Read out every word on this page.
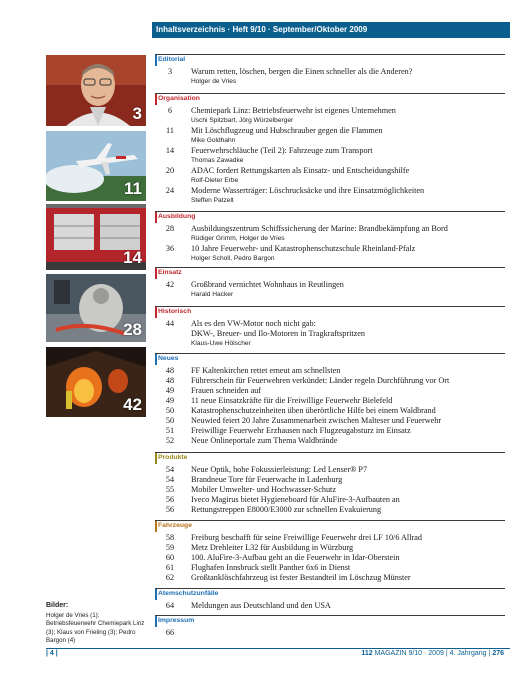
Inhaltsverzeichnis · Heft 9/10 · September/Oktober 2009
3
11
14
28
42
Editorial
3	Warum retten, löschen, bergen die Einen schneller als die Anderen?
Holger de Vries
Organisation
6	Chemiepark Linz: Betriebsfeuerwehr ist eigenes Unternehmen
Uschi Spitzbart, Jörg Würzelberger
11	Mit Löschflugzeug und Hubschrauber gegen die Flammen
Mike Goldhahn
14	Feuerwehrschläuche (Teil 2): Fahrzeuge zum Transport
Thomas Zawadke
20	ADAC fordert Rettungskarten als Einsatz- und Entscheidungshilfe
Rolf-Dieter Erbe
24	Moderne Wasserträger: Löschrucksäcke und ihre Einsatzmöglichkeiten
Steffen Patzelt
Ausbildung
28	Ausbildungszentrum Schiffssicherung der Marine: Brandbekämpfung an Bord
Rüdiger Grimm, Holger de Vries
36	10 Jahre Feuerwehr- und Katastrophenschutzschule Rheinland-Pfalz
Holger Scholl, Pedro Bargon
Einsatz
42	Großbrand vernichtet Wohnhaus in Reutlingen
Harald Hacker
Historisch
44	Als es den VW-Motor noch nicht gab:
DKW-, Breuer- und Ilo-Motoren in Tragkraftspritzen
Klaus-Uwe Hölscher
Neues
48	FF Kaltenkirchen rettet erneut am schnellsten
48	Führerschein für Feuerwehren verkündet: Länder regeln Durchführung vor Ort
49	Frauen schneiden auf
49	11 neue Einsatzkräfte für die Freiwillige Feuerwehr Bielefeld
50	Katastrophenschutzeinheiten üben überörtliche Hilfe bei einem Waldbrand
50	Neuwied feiert 20 Jahre Zusammenarbeit zwischen Malteser und Feuerwehr
51	Freiwillige Feuerwehr Erzhausen nach Flugzeugabsturz im Einsatz
52	Neue Onlineportale zum Thema Waldbrände
Produkte
54	Neue Optik, hohe Fokussierleistung: Led Lenser® P7
54	Brandneue Tore für Feuerwache in Ladenburg
55	Mobiler Umwelter- und Hochwasser-Schutz
56	Iveco Magirus bietet Hygieneboard für AluFire-3-Aufbauten an
56	Rettungstreppen E8000/E3000 zur schnellen Evakuierung
Fahrzeuge
58	Freiburg beschafft für seine Freiwillige Feuerwehr drei LF 10/6 Allrad
59	Metz Drehleiter L32 für Ausbildung in Würzburg
60	100. AluFire-3-Aufbau geht an die Feuerwehr in Idar-Oberstein
61	Flughafen Innsbruck stellt Panther 6x6 in Dienst
62	Großtanklöschfahrzeug ist fester Bestandteil im Löschzug Münster
Atemschutzunfälle
64	Meldungen aus Deutschland und den USA
Impressum
66
Bilder:
Holger de Vries (1); Betriebsfeuerwehr Chemiepark Linz (3); Klaus von Frieling (3); Pedro Bargon (4)
| 4 |	112 MAGAZIN 9/10 · 2009 | 4. Jahrgang | 276
